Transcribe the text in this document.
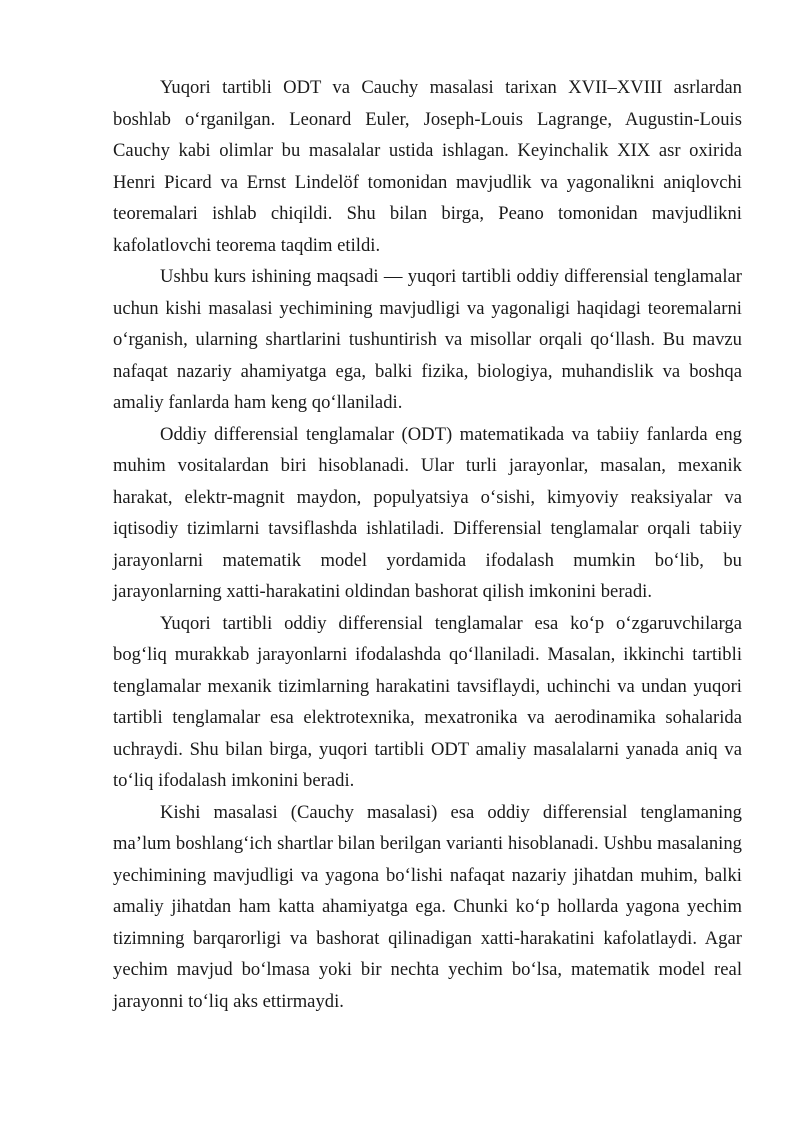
Yuqori tartibli ODT va Cauchy masalasi tarixan XVII–XVIII asrlardan boshlab o‘rganilgan. Leonard Euler, Joseph-Louis Lagrange, Augustin-Louis Cauchy kabi olimlar bu masalalar ustida ishlagan. Keyinchalik XIX asr oxirida Henri Picard va Ernst Lindelöf tomonidan mavjudlik va yagonalikni aniqlovchi teoremalari ishlab chiqildi. Shu bilan birga, Peano tomonidan mavjudlikni kafolatlovchi teorema taqdim etildi.

Ushbu kurs ishining maqsadi — yuqori tartibli oddiy differensial tenglamalar uchun kishi masalasi yechimining mavjudligi va yagonaligi haqidagi teoremalarni o‘rganish, ularning shartlarini tushuntirish va misollar orqali qo‘llash. Bu mavzu nafaqat nazariy ahamiyatga ega, balki fizika, biologiya, muhandislik va boshqa amaliy fanlarda ham keng qo‘llaniladi.

Oddiy differensial tenglamalar (ODT) matematikada va tabiiy fanlarda eng muhim vositalardan biri hisoblanadi. Ular turli jarayonlar, masalan, mexanik harakat, elektr-magnit maydon, populyatsiya o‘sishi, kimyoviy reaksiyalar va iqtisodiy tizimlarni tavsiflashda ishlatiladi. Differensial tenglamalar orqali tabiiy jarayonlarni matematik model yordamida ifodalash mumkin bo‘lib, bu jarayonlarning xatti-harakatini oldindan bashorat qilish imkonini beradi.

Yuqori tartibli oddiy differensial tenglamalar esa ko‘p o‘zgaruvchilarga bog‘liq murakkab jarayonlarni ifodalashda qo‘llaniladi. Masalan, ikkinchi tartibli tenglamalar mexanik tizimlarning harakatini tavsiflaydi, uchinchi va undan yuqori tartibli tenglamalar esa elektrotexnika, mexatronika va aerodinamika sohalarida uchraydi. Shu bilan birga, yuqori tartibli ODT amaliy masalalarni yanada aniq va to‘liq ifodalash imkonini beradi.

Kishi masalasi (Cauchy masalasi) esa oddiy differensial tenglamaning ma’lum boshlang‘ich shartlar bilan berilgan varianti hisoblanadi. Ushbu masalaning yechimining mavjudligi va yagona bo‘lishi nafaqat nazariy jihatdan muhim, balki amaliy jihatdan ham katta ahamiyatga ega. Chunki ko‘p hollarda yagona yechim tizimning barqarorligi va bashorat qilinadigan xatti-harakatini kafolatlaydi. Agar yechim mavjud bo‘lmasa yoki bir nechta yechim bo‘lsa, matematik model real jarayonni to‘liq aks ettirmaydi.
